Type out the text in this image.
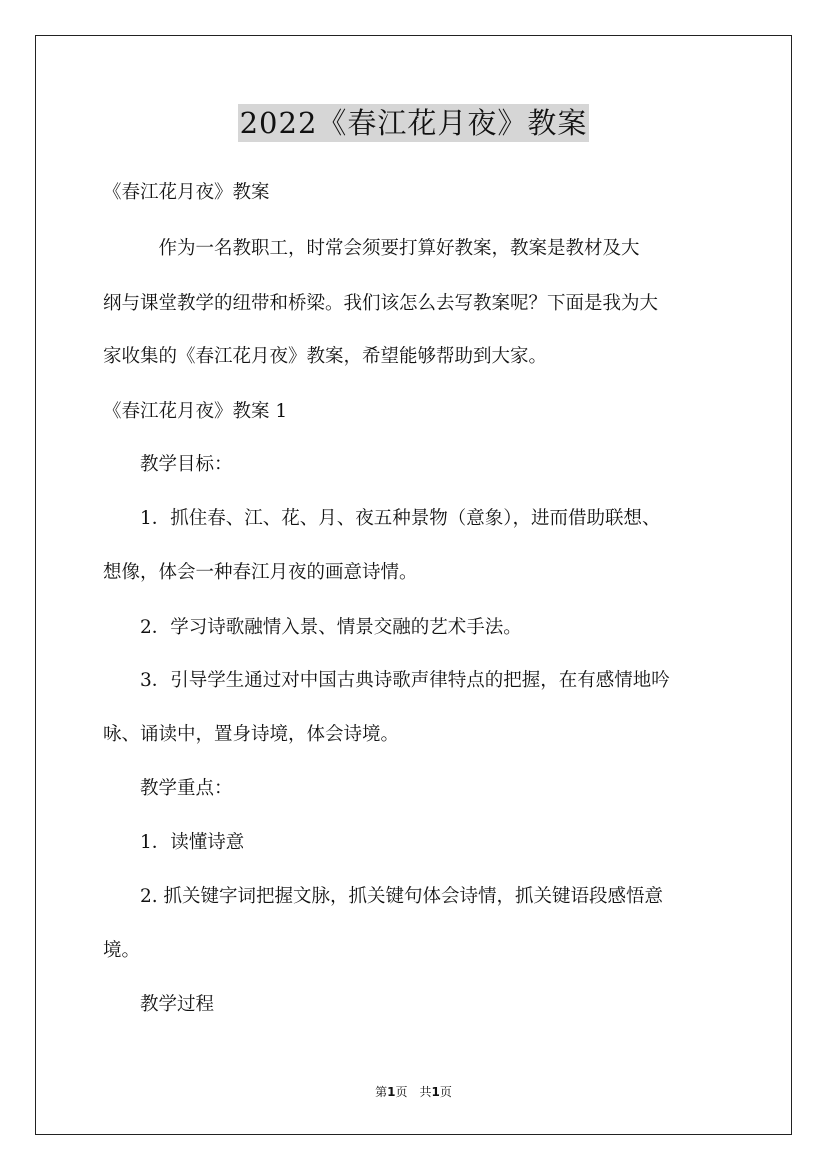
2022《春江花月夜》教案

《春江花月夜》教案

　　　作为一名教职工，时常会须要打算好教案，教案是教材及大

纲与课堂教学的纽带和桥梁。我们该怎么去写教案呢？下面是我为大

家收集的《春江花月夜》教案，希望能够帮助到大家。

《春江花月夜》教案 1

　　教学目标：

　　1．抓住春、江、花、月、夜五种景物（意象），进而借助联想、

想像，体会一种春江月夜的画意诗情。

　　2．学习诗歌融情入景、情景交融的艺术手法。

　　3．引导学生通过对中国古典诗歌声律特点的把握，在有感情地吟

咏、诵读中，置身诗境，体会诗境。

　　教学重点：

　　1．读懂诗意

　　2. 抓关键字词把握文脉，抓关键句体会诗情，抓关键语段感悟意

境。

　　教学过程

第1页　共1页
